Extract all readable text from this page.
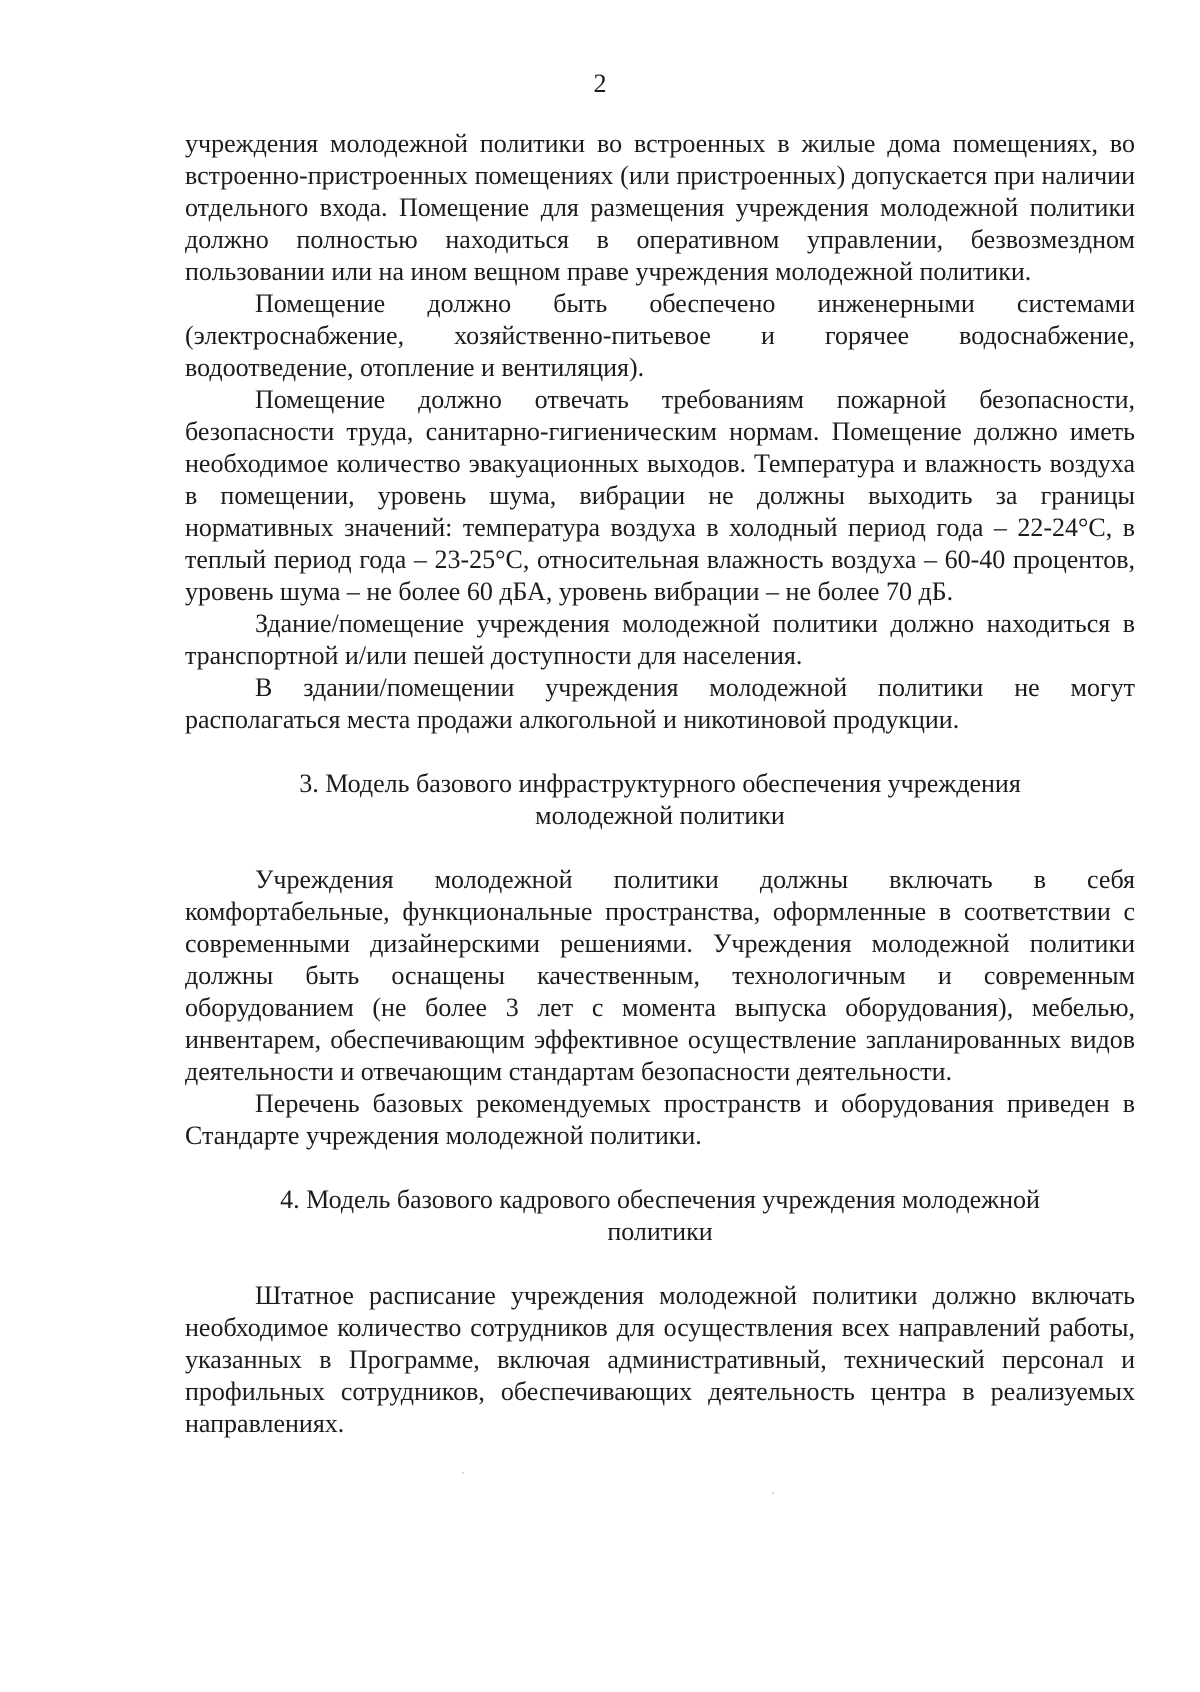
2

учреждения молодежной политики во встроенных в жилые дома помещениях, во встроенно-пристроенных помещениях (или пристроенных) допускается при наличии отдельного входа. Помещение для размещения учреждения молодежной политики должно полностью находиться в оперативном управлении, безвозмездном пользовании или на ином вещном праве учреждения молодежной политики.

Помещение должно быть обеспечено инженерными системами (электроснабжение, хозяйственно-питьевое и горячее водоснабжение, водоотведение, отопление и вентиляция).

Помещение должно отвечать требованиям пожарной безопасности, безопасности труда, санитарно-гигиеническим нормам. Помещение должно иметь необходимое количество эвакуационных выходов. Температура и влажность воздуха в помещении, уровень шума, вибрации не должны выходить за границы нормативных значений: температура воздуха в холодный период года – 22-24°С, в теплый период года – 23-25°С, относительная влажность воздуха – 60-40 процентов, уровень шума – не более 60 дБА, уровень вибрации – не более 70 дБ.

Здание/помещение учреждения молодежной политики должно находиться в транспортной и/или пешей доступности для населения.

В здании/помещении учреждения молодежной политики не могут располагаться места продажи алкогольной и никотиновой продукции.

3. Модель базового инфраструктурного обеспечения учреждения
молодежной политики

Учреждения молодежной политики должны включать в себя комфортабельные, функциональные пространства, оформленные в соответствии с современными дизайнерскими решениями. Учреждения молодежной политики должны быть оснащены качественным, технологичным и современным оборудованием (не более 3 лет с момента выпуска оборудования), мебелью, инвентарем, обеспечивающим эффективное осуществление запланированных видов деятельности и отвечающим стандартам безопасности деятельности.

Перечень базовых рекомендуемых пространств и оборудования приведен в Стандарте учреждения молодежной политики.

4. Модель базового кадрового обеспечения учреждения молодежной
политики

Штатное расписание учреждения молодежной политики должно включать необходимое количество сотрудников для осуществления всех направлений работы, указанных в Программе, включая административный, технический персонал и профильных сотрудников, обеспечивающих деятельность центра в реализуемых направлениях.
